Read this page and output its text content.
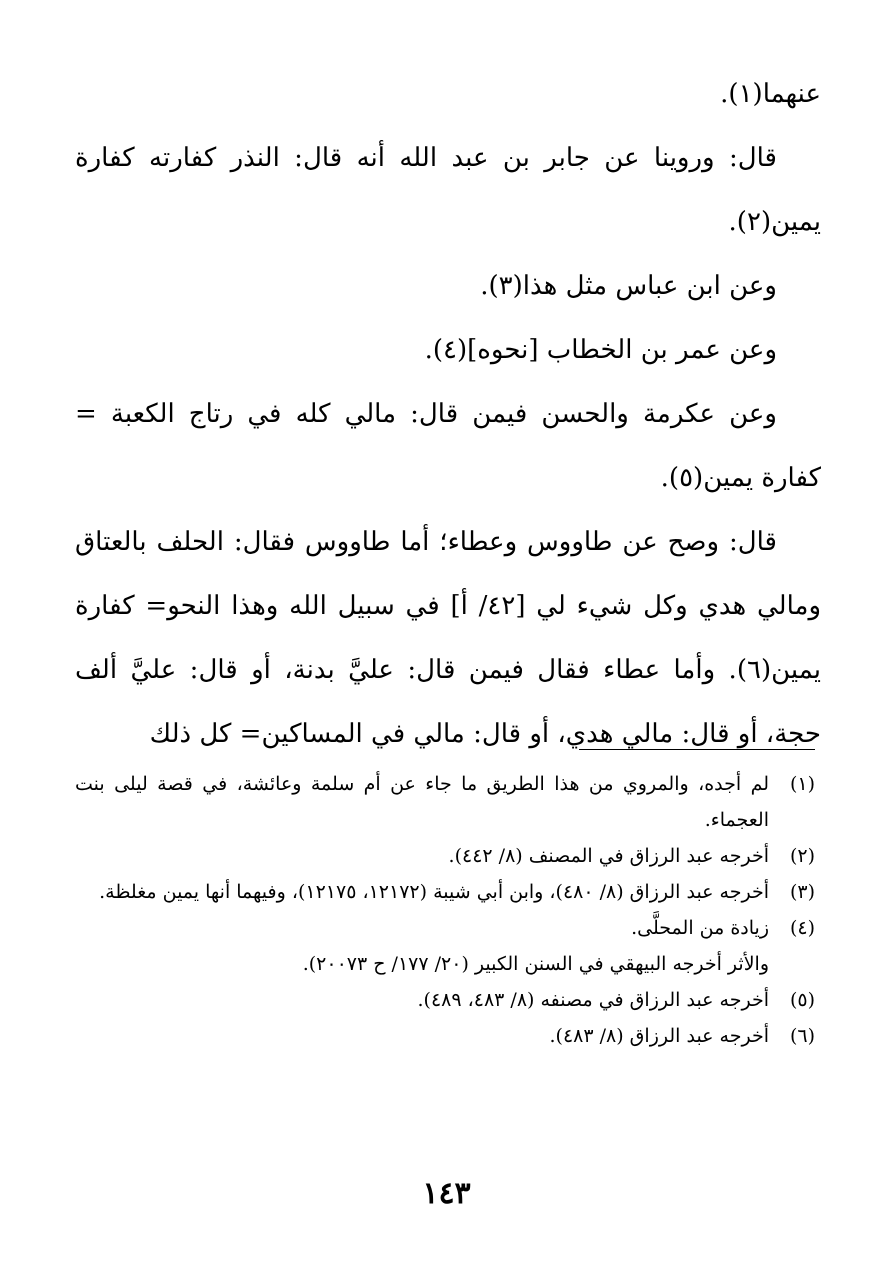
عنهما(١).

قال: وروينا عن جابر بن عبد الله أنه قال: النذر كفارته كفارة يمين(٢).

وعن ابن عباس مثل هذا(٣).

وعن عمر بن الخطاب [نحوه](٤).

وعن عكرمة والحسن فيمن قال: مالي كله في رتاج الكعبة = كفارة يمين(٥).

قال: وصح عن طاووس وعطاء؛ أما طاووس فقال: الحلف بالعتاق ومالي هدي وكل شيء لي [٤٢/ أ] في سبيل الله وهذا النحو= كفارة يمين(٦). وأما عطاء فقال فيمن قال: عليَّ بدنة، أو قال: عليَّ ألف حجة، أو قال: مالي هدي، أو قال: مالي في المساكين= كل ذلك

(١)
لم أجده، والمروي من هذا الطريق ما جاء عن أم سلمة وعائشة، في قصة ليلى بنت العجماء.
(٢)
أخرجه عبد الرزاق في المصنف (٨/ ٤٤٢).
(٣)
أخرجه عبد الرزاق (٨/ ٤٨٠)، وابن أبي شيبة (١٢١٧٢، ١٢١٧٥)، وفيهما أنها يمين مغلظة.
(٤)
زيادة من المحلَّى.
والأثر أخرجه البيهقي في السنن الكبير (٢٠/ ١٧٧/ ح ٢٠٠٧٣).
(٥)
أخرجه عبد الرزاق في مصنفه (٨/ ٤٨٣، ٤٨٩).
(٦)
أخرجه عبد الرزاق (٨/ ٤٨٣).
١٤٣
